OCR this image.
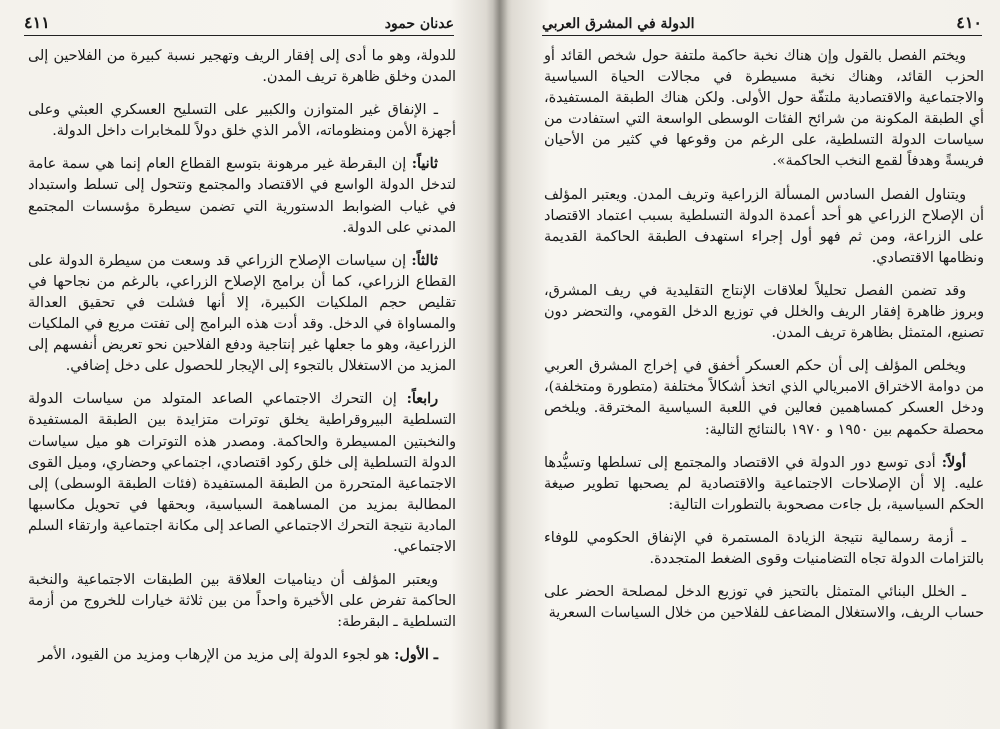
عدنان حمود
٤١١

للدولة، وهو ما أدى إلى إفقار الريف وتهجير نسبة كبيرة من الفلاحين إلى المدن وخلق ظاهرة تريف المدن.

ـ الإنفاق غير المتوازن والكبير على التسليح العسكري العبثي وعلى أجهزة الأمن ومنظوماته، الأمر الذي خلق دولاً للمخابرات داخل الدولة.

ثانياً: إن البقرطة غير مرهونة بتوسع القطاع العام إنما هي سمة عامة لتدخل الدولة الواسع في الاقتصاد والمجتمع وتتحول إلى تسلط واستبداد في غياب الضوابط الدستورية التي تضمن سيطرة مؤسسات المجتمع المدني على الدولة.

ثالثاً: إن سياسات الإصلاح الزراعي قد وسعت من سيطرة الدولة على القطاع الزراعي، كما أن برامج الإصلاح الزراعي، بالرغم من نجاحها في تقليص حجم الملكيات الكبيرة، إلا أنها فشلت في تحقيق العدالة والمساواة في الدخل. وقد أدت هذه البرامج إلى تفتت مريع في الملكيات الزراعية، وهو ما جعلها غير إنتاجية ودفع الفلاحين نحو تعريض أنفسهم إلى المزيد من الاستغلال بالتجوء إلى الإيجار للحصول على دخل إضافي.

رابعاً: إن التحرك الاجتماعي الصاعد المتولد من سياسات الدولة التسلطية البيروقراطية يخلق توترات متزايدة بين الطبقة المستفيدة والنخبتين المسيطرة والحاكمة. ومصدر هذه التوترات هو ميل سياسات الدولة التسلطية إلى خلق ركود اقتصادي، اجتماعي وحضاري، وميل القوى الاجتماعية المتحررة من الطبقة المستفيدة (فئات الطبقة الوسطى) إلى المطالبة بمزيد من المساهمة السياسية، وبحقها في تحويل مكاسبها المادية نتيجة التحرك الاجتماعي الصاعد إلى مكانة اجتماعية وارتقاء السلم الاجتماعي.

ويعتبر المؤلف أن ديناميات العلاقة بين الطبقات الاجتماعية والنخبة الحاكمة تفرض على الأخيرة واحداً من بين ثلاثة خيارات للخروج من أزمة التسلطية ـ البقرطة:

ـ الأول: هو لجوء الدولة إلى مزيد من الإرهاب ومزيد من القيود، الأمر

٤١٠
الدولة في المشرق العربي

ويختم الفصل بالقول وإن هناك نخبة حاكمة ملتفة حول شخص القائد أو الحزب القائد، وهناك نخبة مسيطرة في مجالات الحياة السياسية والاجتماعية والاقتصادية ملتفّة حول الأولى. ولكن هناك الطبقة المستفيدة، أي الطبقة المكونة من شرائح الفئات الوسطى الواسعة التي استفادت من سياسات الدولة التسلطية، على الرغم من وقوعها في كثير من الأحيان فريسةً وهدفاً لقمع النخب الحاكمة».

ويتناول الفصل السادس المسألة الزراعية وتريف المدن. ويعتبر المؤلف أن الإصلاح الزراعي هو أحد أعمدة الدولة التسلطية بسبب اعتماد الاقتصاد على الزراعة، ومن ثم فهو أول إجراء استهدف الطبقة الحاكمة القديمة ونظامها الاقتصادي.

وقد تضمن الفصل تحليلاً لعلاقات الإنتاج التقليدية في ريف المشرق، وبروز ظاهرة إفقار الريف والخلل في توزيع الدخل القومي، والتحضر دون تصنيع، المتمثل بظاهرة تريف المدن.

ويخلص المؤلف إلى أن حكم العسكر أخفق في إخراج المشرق العربي من دوامة الاختراق الامبريالي الذي اتخذ أشكالاً مختلفة (متطورة ومتخلفة)، ودخل العسكر كمساهمين فعالين في اللعبة السياسية المخترقة. ويلخص محصلة حكمهم بين ١٩٥٠ و ١٩٧٠ بالنتائج التالية:

أولاً: أدى توسع دور الدولة في الاقتصاد والمجتمع إلى تسلطها وتسيُّدها عليه. إلا أن الإصلاحات الاجتماعية والاقتصادية لم يصحبها تطوير صيغة الحكم السياسية، بل جاءت مصحوبة بالتطورات التالية:

ـ أزمة رسمالية نتيجة الزيادة المستمرة في الإنفاق الحكومي للوفاء بالتزامات الدولة تجاه التضامنيات وقوى الضغط المتجددة.

ـ الخلل البنائي المتمثل بالتحيز في توزيع الدخل لمصلحة الحضر على حساب الريف، والاستغلال المضاعف للفلاحين من خلال السياسات السعرية
